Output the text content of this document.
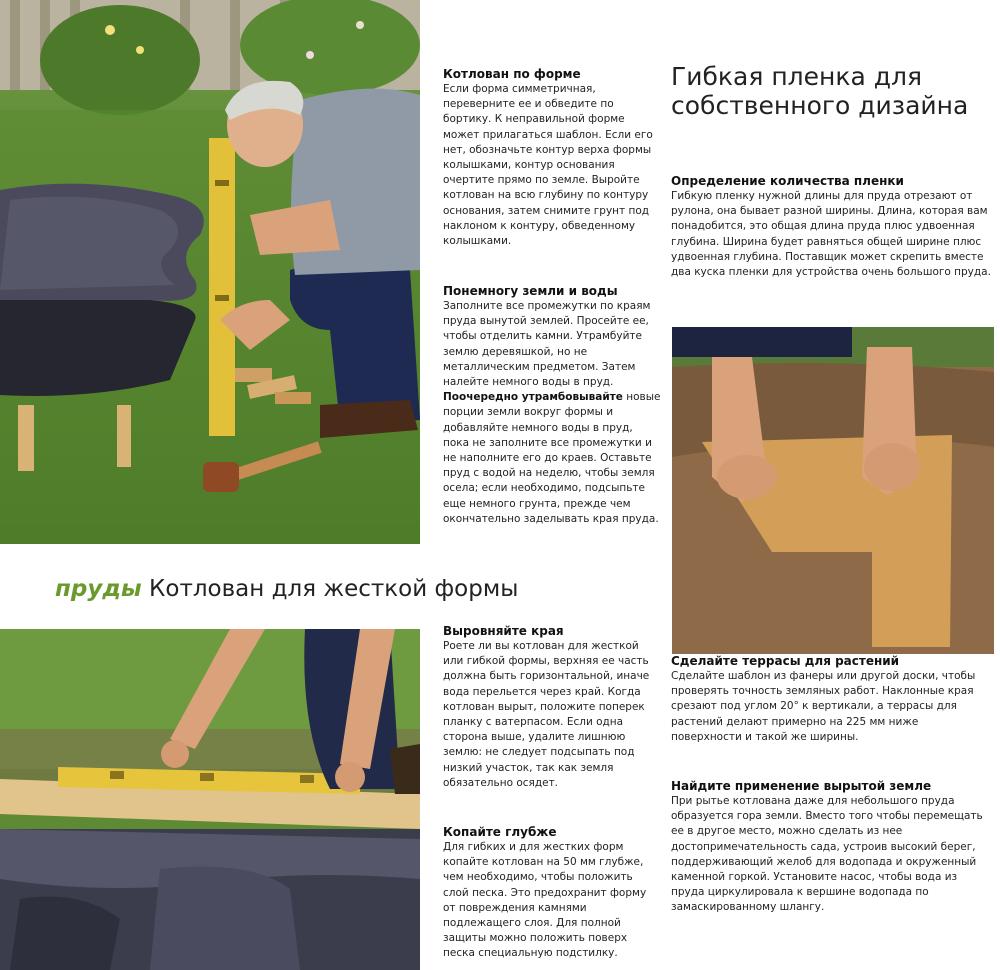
Гибкая пленка для собственного дизайна
пруды Котлован для жесткой формы

Котлован по форме

Если форма симметричная, переверните ее и обведите по бортику. К неправильной форме может прилагаться шаблон. Если его нет, обозначьте контур верха формы колышками, контур основания очертите прямо по земле. Выройте котлован на всю глубину по контуру основания, затем снимите грунт под наклоном к контуру, обведенному колышками.

Понемногу земли и воды

Заполните все промежутки по краям пруда вынутой землей. Просейте ее, чтобы отделить камни. Утрамбуйте землю деревяшкой, но не металлическим предметом. Затем налейте немного воды в пруд. Поочередно утрамбовывайте новые порции земли вокруг формы и добавляйте немного воды в пруд, пока не заполните все промежутки и не наполните его до краев. Оставьте пруд с водой на неделю, чтобы земля осела; если необходимо, подсыпьте еще немного грунта, прежде чем окончательно заделывать края пруда.

Выровняйте края

Роете ли вы котлован для жесткой или гибкой формы, верхняя ее часть должна быть горизонтальной, иначе вода перельется через край. Когда котлован вырыт, положите поперек планку с ватерпасом. Если одна сторона выше, удалите лишнюю землю: не следует подсыпать под низкий участок, так как земля обязательно осядет.

Копайте глубже

Для гибких и для жестких форм копайте котлован на 50 мм глубже, чем необходимо, чтобы положить слой песка. Это предохранит форму от повреждения камнями подлежащего слоя. Для полной защиты можно положить поверх песка специальную подстилку.

Определение количества пленки

Гибкую пленку нужной длины для пруда отрезают от рулона, она бывает разной ширины. Длина, которая вам понадобится, это общая длина пруда плюс удвоенная глубина. Ширина будет равняться общей ширине плюс удвоенная глубина. Поставщик может скрепить вместе два куска пленки для устройства очень большого пруда.

Сделайте террасы для растений

Сделайте шаблон из фанеры или другой доски, чтобы проверять точность земляных работ. Наклонные края срезают под углом 20° к вертикали, а террасы для растений делают примерно на 225 мм ниже поверхности и такой же ширины.

Найдите применение вырытой земле

При рытье котлована даже для небольшого пруда образуется гора земли. Вместо того чтобы перемещать ее в другое место, можно сделать из нее достопримечательность сада, устроив высокий берег, поддерживающий желоб для водопада и окруженный каменной горкой. Установите насос, чтобы вода из пруда циркулировала к вершине водопада по замаскированному шлангу.
